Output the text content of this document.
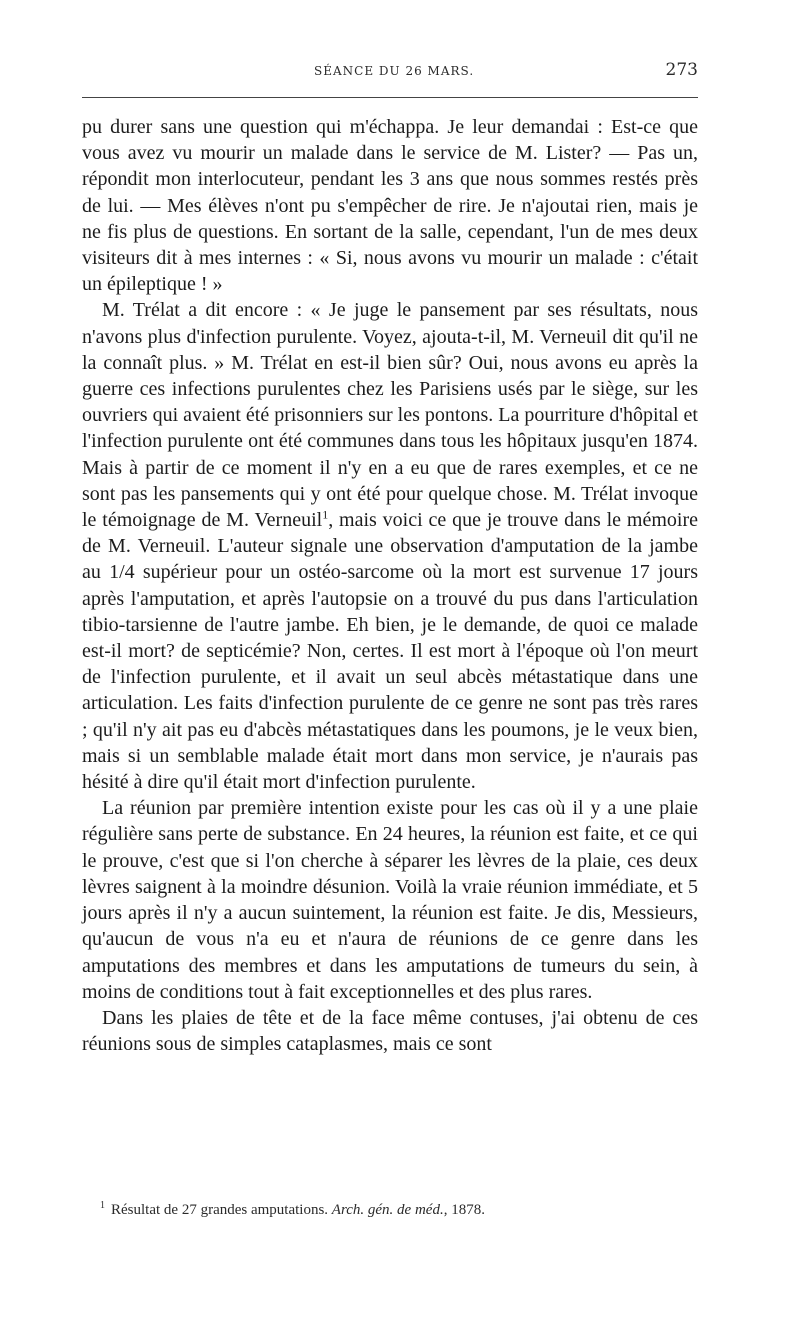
SÉANCE DU 26 MARS.	273

pu durer sans une question qui m'échappa. Je leur demandai : Est-ce que vous avez vu mourir un malade dans le service de M. Lister? — Pas un, répondit mon interlocuteur, pendant les 3 ans que nous sommes restés près de lui. — Mes élèves n'ont pu s'empêcher de rire. Je n'ajoutai rien, mais je ne fis plus de questions. En sortant de la salle, cependant, l'un de mes deux visiteurs dit à mes internes : « Si, nous avons vu mourir un malade : c'était un épileptique ! »

M. Trélat a dit encore : « Je juge le pansement par ses résultats, nous n'avons plus d'infection purulente. Voyez, ajouta-t-il, M. Verneuil dit qu'il ne la connaît plus. » M. Trélat en est-il bien sûr? Oui, nous avons eu après la guerre ces infections purulentes chez les Parisiens usés par le siège, sur les ouvriers qui avaient été prisonniers sur les pontons. La pourriture d'hôpital et l'infection purulente ont été communes dans tous les hôpitaux jusqu'en 1874. Mais à partir de ce moment il n'y en a eu que de rares exemples, et ce ne sont pas les pansements qui y ont été pour quelque chose. M. Trélat invoque le témoignage de M. Verneuil$^1$, mais voici ce que je trouve dans le mémoire de M. Verneuil. L'auteur signale une observation d'amputation de la jambe au 1/4 supérieur pour un ostéo-sarcome où la mort est survenue 17 jours après l'amputation, et après l'autopsie on a trouvé du pus dans l'articulation tibio-tarsienne de l'autre jambe. Eh bien, je le demande, de quoi ce malade est-il mort? de septicémie? Non, certes. Il est mort à l'époque où l'on meurt de l'infection purulente, et il avait un seul abcès métastatique dans une articulation. Les faits d'infection purulente de ce genre ne sont pas très rares ; qu'il n'y ait pas eu d'abcès métastatiques dans les poumons, je le veux bien, mais si un semblable malade était mort dans mon service, je n'aurais pas hésité à dire qu'il était mort d'infection purulente.

La réunion par première intention existe pour les cas où il y a une plaie régulière sans perte de substance. En 24 heures, la réunion est faite, et ce qui le prouve, c'est que si l'on cherche à séparer les lèvres de la plaie, ces deux lèvres saignent à la moindre désunion. Voilà la vraie réunion immédiate, et 5 jours après il n'y a aucun suintement, la réunion est faite. Je dis, Messieurs, qu'aucun de vous n'a eu et n'aura de réunions de ce genre dans les amputations des membres et dans les amputations de tumeurs du sein, à moins de conditions tout à fait exceptionnelles et des plus rares.

Dans les plaies de tête et de la face même contuses, j'ai obtenu de ces réunions sous de simples cataplasmes, mais ce sont

$^1$ Résultat de 27 grandes amputations. Arch. gén. de méd., 1878.
